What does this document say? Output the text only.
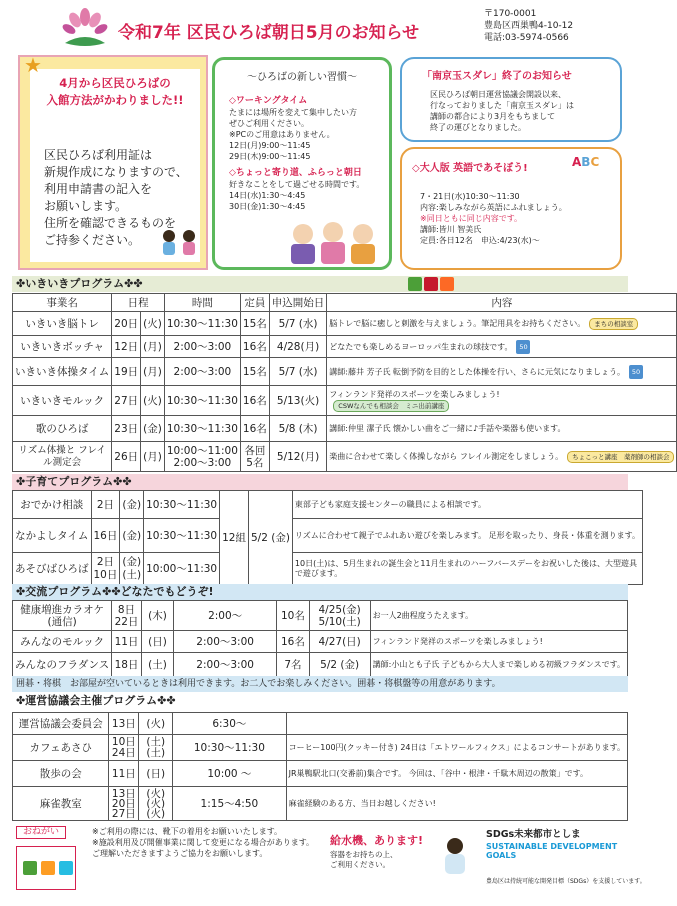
令和7年 区民ひろば朝日5月のお知らせ
〒170-0001
豊島区西巣鴨4-10-12
電話:03-5974-0566
4月から区民ひろばの
入館方法がかわりました!!
区民ひろば利用証は
新規作成になりますので、
利用申請書の記入を
お願いします。
住所を確認できるものを
ご持参ください。
★
～ひろばの新しい習慣～
◇ワーキングタイム
たまには場所を変えて集中したい方
ぜひご利用ください。
※PCのご用意はありません。
12日(月)9:00～11:45
29日(木)9:00～11:45
◇ちょっと寄り道、ふらっと朝日
好きなことをして過ごせる時間です。
14日(水)1:30～4:45
30日(金)1:30～4:45
「南京玉スダレ」終了のお知らせ
区民ひろば朝日運営協議会開設以来、
行なっておりました「南京玉スダレ」は
講師の都合により3月をもちまして
終了の運びとなりました。
◇大人版 英語であそぼう!	ABC
7・21日(水)10:30～11:30
内容:楽しみながら英語にふれましょう。
※同日ともに同じ内容です。
講師:皆川 智美氏
定員:各日12名　申込:4/23(水)～
✤いきいきプログラム✤✤
事業名	日程		時間	定員	申込開始日	内容
いきいき脳トレ	20日	(火)	10:30～11:30	15名	5/7 (水)	脳トレで脳に癒しと刺激を与えましょう。筆記用具をお持ちください。 まちの相談室
いきいきボッチャ	12日	(月)	2:00～3:00	16名	4/28(月)	どなたでも楽しめるヨーロッパ生まれの球技です。 50
いきいき体操タイム	19日	(月)	2:00～3:00	15名	5/7 (水)	講師:藤井 芳子氏 転倒予防を目的とした体操を行い、さらに元気になりましょう。 50
いきいきモルック	27日	(火)	10:30～11:30	16名	5/13(火)	フィンランド発祥のスポーツを楽しみましょう!
CSWなんでも相談会　ミニ出前講座
歌のひろば	23日	(金)	10:30～11:30	16名	5/8 (木)	講師:仲里 潔子氏 懐かしい曲をご一緒に♪手話や楽器も使います。
リズム体操と フレイル測定会	26日	(月)	10:00～11:00 2:00～3:00	各回 5名	5/12(月)	楽曲に合わせて楽しく体操しながら フレイル測定をしましょう。 ちょこっと講座　薬剤師の相談会
✤子育てプログラム✤✤
おでかけ相談	2日	(金)	10:30～11:30	12組	5/2 (金)	東部子ども家庭支援センターの職員による相談です。
なかよしタイム	16日	(金)	10:30～11:30			リズムに合わせて親子でふれあい遊びを楽しみます。 足形を取ったり、身長・体重を測ります。
あそびばひろば	2日 10日	(金) (土)	10:00～11:30			10日(土)は、5月生まれの誕生会と11月生まれのハーフバースデーをお祝いした後は、大型遊具で遊びます。
✤交流プログラム✤✤どなたでもどうぞ!
健康増進カラオケ (通信)	8日 22日	(木)	2:00～	10名	4/25(金) 5/10(土)	お一人2曲程度うたえます。
みんなのモルック	11日	(日)	2:00～3:00	16名	4/27(日)	フィンランド発祥のスポーツを楽しみましょう!
みんなのフラダンス	18日	(土)	2:00～3:00	7名	5/2 (金)	講師:小山とも子氏 子どもから大人まで楽しめる初級フラダンスです。
囲碁・将棋　お部屋が空いているときは利用できます。お二人でお楽しみください。囲碁・将棋盤等の用意があります。
✤運営協議会主催プログラム✤✤
運営協議会委員会	13日	(火)	6:30～	
カフェあさひ	10日 24日	(土) (土)	10:30～11:30	コーヒー100円(クッキー付き) 24日は「エトワールフィクス」によるコンサートがあります。
散歩の会	11日	(日)	10:00 ～	JR巣鴨駅北口(交番前)集合です。 今回は、「谷中・根津・千駄木周辺の散策」です。
麻雀教室	13日 20日 27日	(火) (火) (火)	1:15～4:50	麻雀経験のある方、当日お越しください!
おねがい	※ご利用の際には、靴下の着用をお願いいたします。
※施設利用及び開催事業に関して変更になる場合があります。
ご理解いただきますようご協力をお願いします。
給水機、あります!
容器をお持ちの上、
ご利用ください。
SDGs未来都市としま
SUSTAINABLE DEVELOPMENT GOALS
豊島区は持続可能な開発目標（SDGs）を支援しています。
